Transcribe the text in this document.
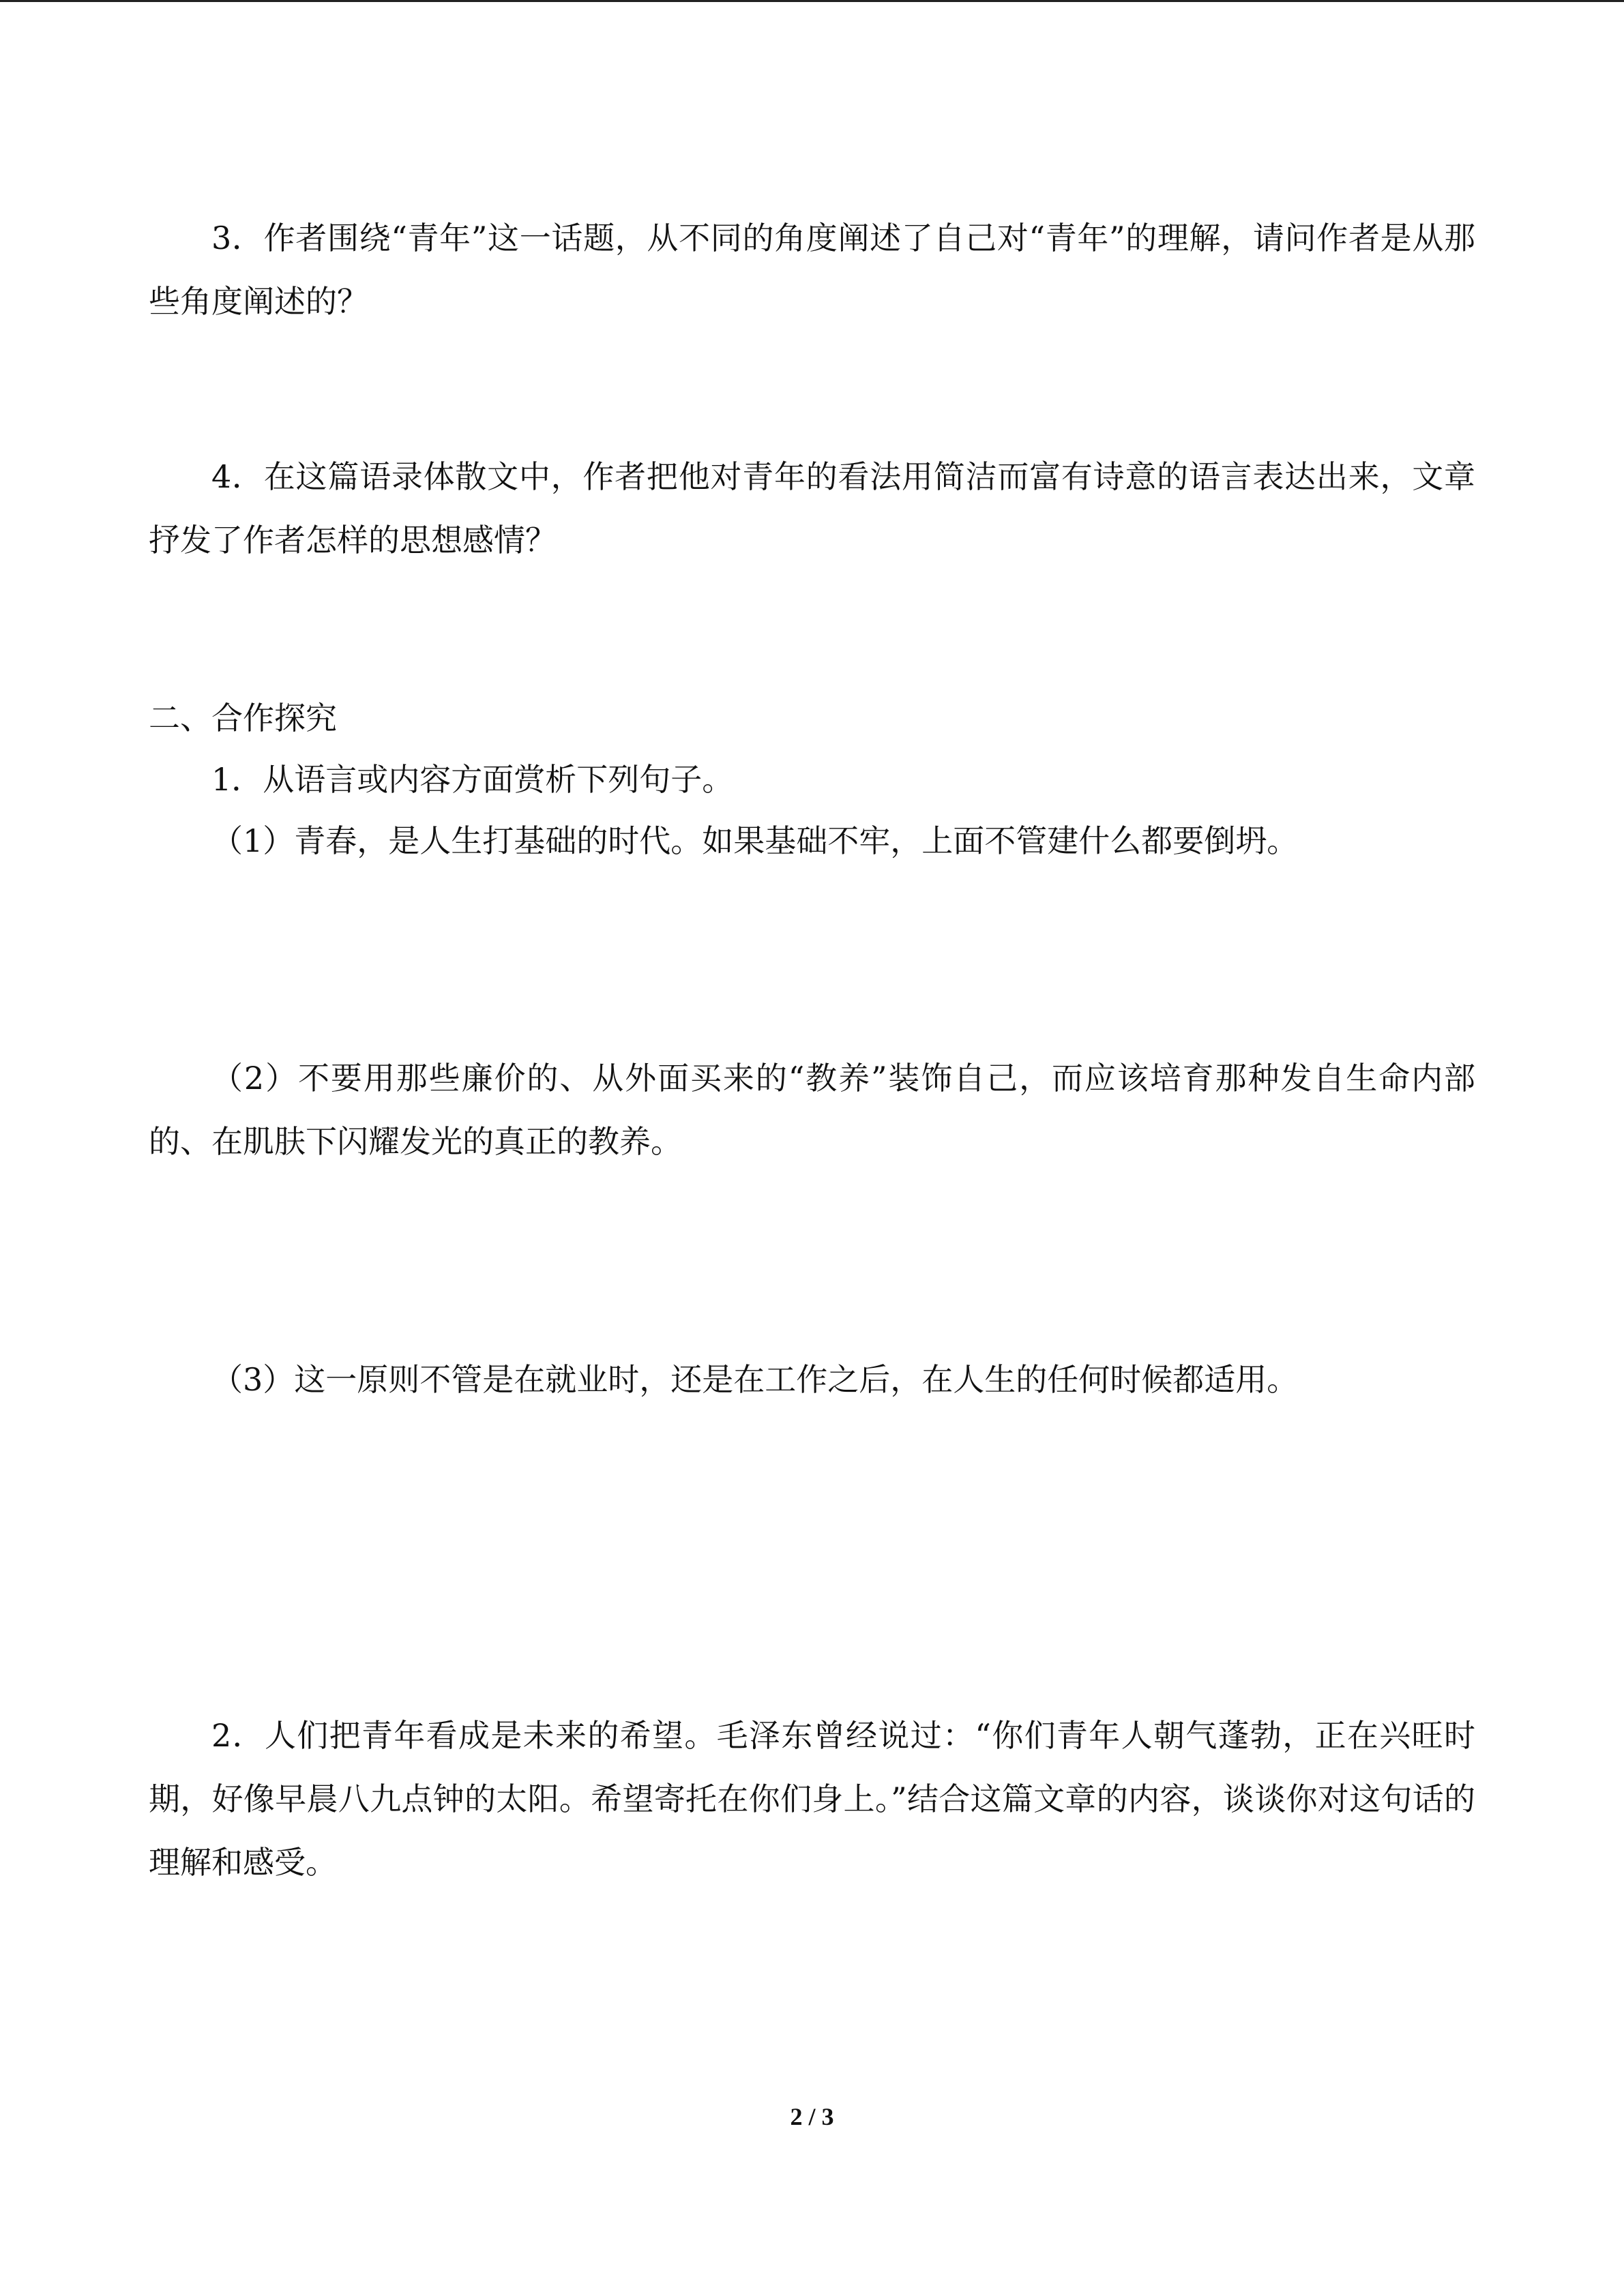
3．作者围绕“青年”这一话题，从不同的角度阐述了自己对“青年”的理解，请问作者是从那些角度阐述的？

4．在这篇语录体散文中，作者把他对青年的看法用简洁而富有诗意的语言表达出来，文章抒发了作者怎样的思想感情？

二、合作探究

1．从语言或内容方面赏析下列句子。

（1）青春，是人生打基础的时代。如果基础不牢，上面不管建什么都要倒坍。

（2）不要用那些廉价的、从外面买来的“教养”装饰自己，而应该培育那种发自生命内部的、在肌肤下闪耀发光的真正的教养。

（3）这一原则不管是在就业时，还是在工作之后，在人生的任何时候都适用。

2．人们把青年看成是未来的希望。毛泽东曾经说过：“你们青年人朝气蓬勃，正在兴旺时期，好像早晨八九点钟的太阳。希望寄托在你们身上。”结合这篇文章的内容，谈谈你对这句话的理解和感受。

2 / 3
